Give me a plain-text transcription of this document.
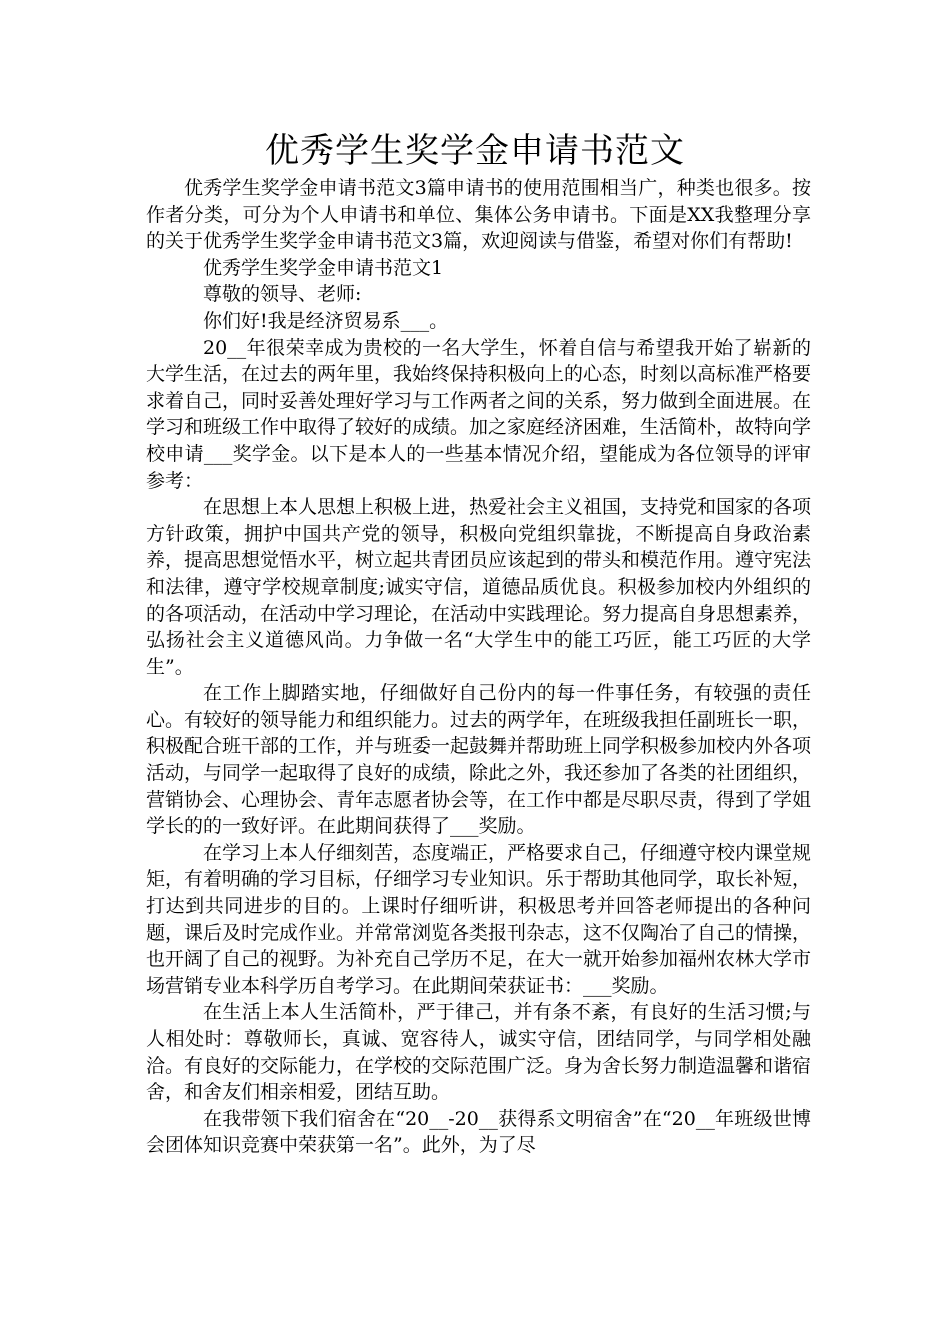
优秀学生奖学金申请书范文

优秀学生奖学金申请书范文3篇申请书的使用范围相当广，种类也很多。按作者分类，可分为个人申请书和单位、集体公务申请书。下面是XX我整理分享的关于优秀学生奖学金申请书范文3篇，欢迎阅读与借鉴，希望对你们有帮助!

优秀学生奖学金申请书范文1

尊敬的领导、老师:

你们好!我是经济贸易系___。

20__年很荣幸成为贵校的一名大学生，怀着自信与希望我开始了崭新的大学生活，在过去的两年里，我始终保持积极向上的心态，时刻以高标准严格要求着自己，同时妥善处理好学习与工作两者之间的关系，努力做到全面进展。在学习和班级工作中取得了较好的成绩。加之家庭经济困难，生活简朴，故特向学校申请___奖学金。以下是本人的一些基本情况介绍，望能成为各位领导的评审参考：

在思想上本人思想上积极上进，热爱社会主义祖国，支持党和国家的各项方针政策，拥护中国共产党的领导，积极向党组织靠拢，不断提高自身政治素养，提高思想觉悟水平，树立起共青团员应该起到的带头和模范作用。遵守宪法和法律，遵守学校规章制度;诚实守信，道德品质优良。积极参加校内外组织的的各项活动，在活动中学习理论，在活动中实践理论。努力提高自身思想素养，弘扬社会主义道德风尚。力争做一名“大学生中的能工巧匠，能工巧匠的大学生”。

在工作上脚踏实地，仔细做好自己份内的每一件事任务，有较强的责任心。有较好的领导能力和组织能力。过去的两学年，在班级我担任副班长一职，积极配合班干部的工作，并与班委一起鼓舞并帮助班上同学积极参加校内外各项活动，与同学一起取得了良好的成绩，除此之外，我还参加了各类的社团组织，营销协会、心理协会、青年志愿者协会等，在工作中都是尽职尽责，得到了学姐学长的的一致好评。在此期间获得了___奖励。

在学习上本人仔细刻苦，态度端正，严格要求自己，仔细遵守校内课堂规矩，有着明确的学习目标，仔细学习专业知识。乐于帮助其他同学，取长补短，打达到共同进步的目的。上课时仔细听讲，积极思考并回答老师提出的各种问题，课后及时完成作业。并常常浏览各类报刊杂志，这不仅陶冶了自己的情操，也开阔了自己的视野。为补充自己学历不足，在大一就开始参加福州农林大学市场营销专业本科学历自考学习。在此期间荣获证书：___奖励。

在生活上本人生活简朴，严于律己，并有条不紊，有良好的生活习惯;与人相处时：尊敬师长，真诚、宽容待人，诚实守信，团结同学，与同学相处融洽。有良好的交际能力，在学校的交际范围广泛。身为舍长努力制造温馨和谐宿舍，和舍友们相亲相爱，团结互助。

在我带领下我们宿舍在“20__-20__获得系文明宿舍”在“20__年班级世博会团体知识竞赛中荣获第一名”。此外，为了尽
